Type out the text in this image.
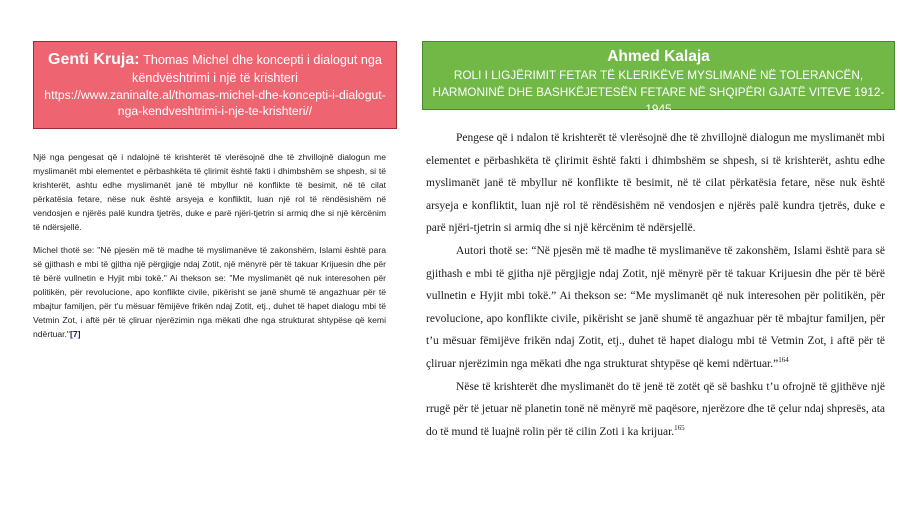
Genti Kruja: Thomas Michel dhe koncepti i dialogut nga këndvështrimi i një të krishteri
https://www.zaninalte.al/thomas-michel-dhe-koncepti-i-dialogut-nga-kendveshtrimi-i-nje-te-krishteri//
Ahmed Kalaja
ROLI I LIGJËRIMIT FETAR TË KLERIKËVE MYSLIMANË NË TOLERANCËN,
HARMONINË DHE BASHKËJETESËN FETARE NË SHQIPËRI GJATË VITEVE 1912-1945

Një nga pengesat që i ndalojnë të krishterët të vlerësojnë dhe të zhvillojnë dialogun me myslimanët mbi elementet e përbashkëta të çlirimit është fakti i dhimbshëm se shpesh, si të krishterët, ashtu edhe myslimanët janë të mbyllur në konflikte të besimit, në të cilat përkatësia fetare, nëse nuk është arsyeja e konfliktit, luan një rol të rëndësishëm në vendosjen e njërës palë kundra tjetrës, duke e parë njëri-tjetrin si armiq dhe si një kërcënim të ndërsjellë.

Michel thotë se: "Në pjesën më të madhe të myslimanëve të zakonshëm, Islami është para së gjithash e mbi të gjitha një përgjigje ndaj Zotit, një mënyrë për të takuar Krijuesin dhe për të bërë vullnetin e Hyjit mbi tokë." Ai thekson se: "Me myslimanët që nuk interesohen për politikën, për revolucione, apo konflikte civile, pikërisht se janë shumë të angazhuar për të mbajtur familjen, për t'u mësuar fëmijëve frikën ndaj Zotit, etj., duhet të hapet dialogu mbi të Vetmin Zot, i aftë për të çliruar njerëzimin nga mëkati dhe nga strukturat shtypëse që kemi ndërtuar."[7]

Pengese që i ndalon të krishterët të vlerësojnë dhe të zhvillojnë dialogun me myslimanët mbi elementet e përbashkëta të çlirimit është fakti i dhimbshëm se shpesh, si të krishterët, ashtu edhe myslimanët janë të mbyllur në konflikte të besimit, në të cilat përkatësia fetare, nëse nuk është arsyeja e konfliktit, luan një rol të rëndësishëm në vendosjen e njërës palë kundra tjetrës, duke e parë njëri-tjetrin si armiq dhe si një kërcënim të ndërsjellë.

Autori thotë se: “Në pjesën më të madhe të myslimanëve të zakonshëm, Islami është para së gjithash e mbi të gjitha një përgjigje ndaj Zotit, një mënyrë për të takuar Krijuesin dhe për të bërë vullnetin e Hyjit mbi tokë.” Ai thekson se: “Me myslimanët që nuk interesohen për politikën, për revolucione, apo konflikte civile, pikërisht se janë shumë të angazhuar për të mbajtur familjen, për t’u mësuar fëmijëve frikën ndaj Zotit, etj., duhet të hapet dialogu mbi të Vetmin Zot, i aftë për të çliruar njerëzimin nga mëkati dhe nga strukturat shtypëse që kemi ndërtuar.”$^{164}$

Nëse të krishterët dhe myslimanët do të jenë të zotët që së bashku t’u ofrojnë të gjithëve një rrugë për të jetuar në planetin tonë në mënyrë më paqësore, njerëzore dhe të çelur ndaj shpresës, ata do të mund të luajnë rolin për të cilin Zoti i ka krijuar.$^{165}$
